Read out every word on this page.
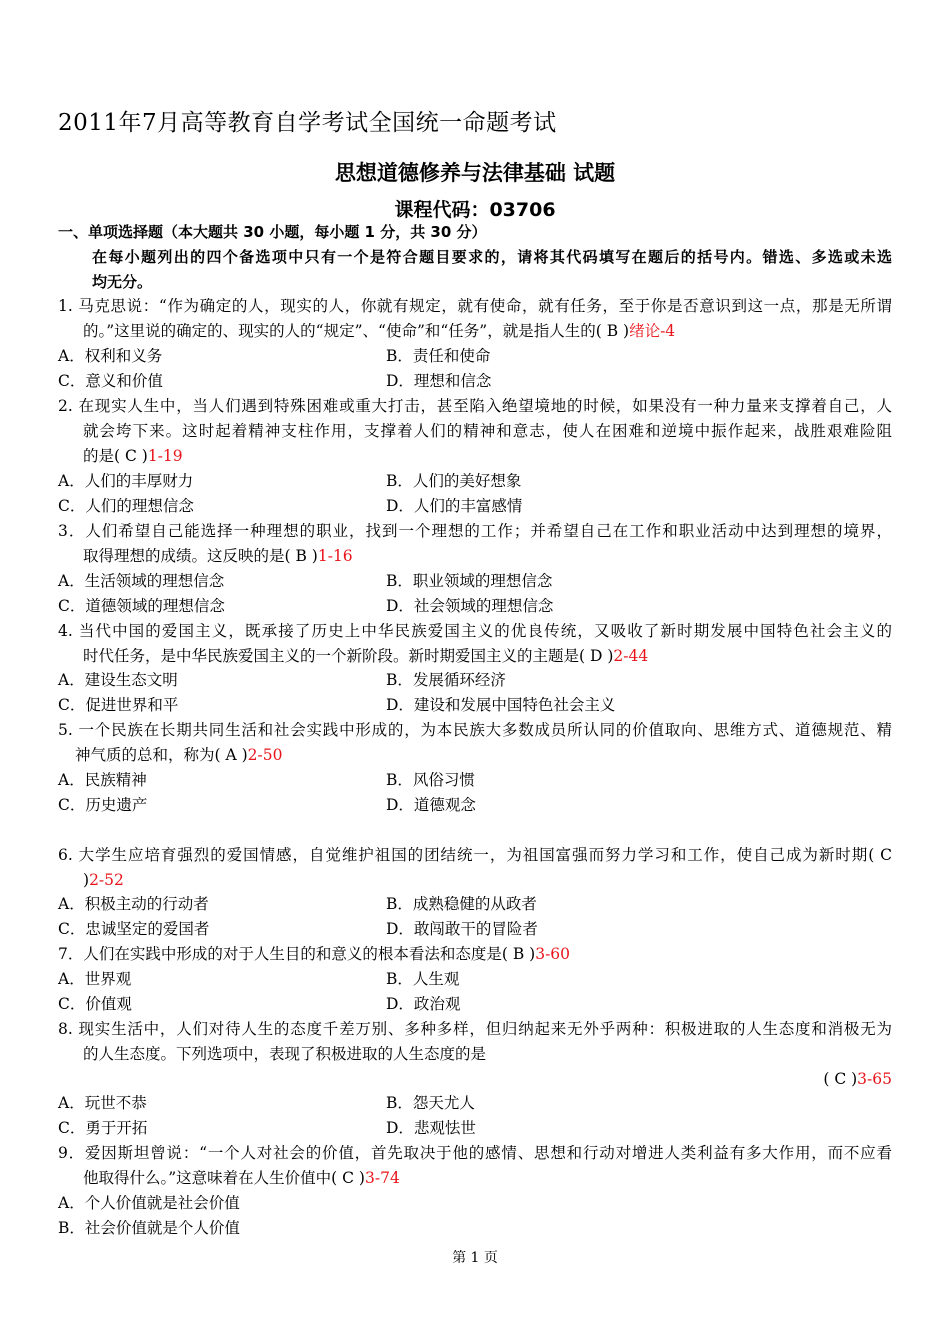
2011年7月高等教育自学考试全国统一命题考试
思想道德修养与法律基础 试题
课程代码：03706
一、单项选择题（本大题共 30 小题，每小题 1 分，共 30 分）
在每小题列出的四个备选项中只有一个是符合题目要求的，请将其代码填写在题后的括号内。错选、多选或未选
均无分。
1. 马克思说：“作为确定的人，现实的人，你就有规定，就有使命，就有任务，至于你是否意识到这一点，那是无所谓
的。”这里说的确定的、现实的人的“规定”、“使命”和“任务”，就是指人生的( B )绪论-4
A．权利和义务	B．责任和使命
C．意义和价值	D．理想和信念
2. 在现实人生中，当人们遇到特殊困难或重大打击，甚至陷入绝望境地的时候，如果没有一种力量来支撑着自己，人
就会垮下来。这时起着精神支柱作用，支撑着人们的精神和意志，使人在困难和逆境中振作起来，战胜艰难险阻
的是( C )1-19
A．人们的丰厚财力	B．人们的美好想象
C．人们的理想信念	D．人们的丰富感情
3．人们希望自己能选择一种理想的职业，找到一个理想的工作；并希望自己在工作和职业活动中达到理想的境界，
取得理想的成绩。这反映的是( B )1-16
A．生活领域的理想信念	B．职业领域的理想信念
C．道德领域的理想信念	D．社会领域的理想信念
4. 当代中国的爱国主义，既承接了历史上中华民族爱国主义的优良传统，又吸收了新时期发展中国特色社会主义的
时代任务，是中华民族爱国主义的一个新阶段。新时期爱国主义的主题是( D )2-44
A．建设生态文明	B．发展循环经济
C．促进世界和平	D．建设和发展中国特色社会主义
5. 一个民族在长期共同生活和社会实践中形成的，为本民族大多数成员所认同的价值取向、思维方式、道德规范、精
神气质的总和，称为( A )2-50
A．民族精神	B．风俗习惯
C．历史遗产	D．道德观念
6. 大学生应培育强烈的爱国情感，自觉维护祖国的团结统一，为祖国富强而努力学习和工作，使自己成为新时期( C
)2-52
A．积极主动的行动者	B．成熟稳健的从政者
C．忠诚坚定的爱国者	D．敢闯敢干的冒险者
7．人们在实践中形成的对于人生目的和意义的根本看法和态度是( B )3-60
A．世界观	B．人生观
C．价值观	D．政治观
8. 现实生活中，人们对待人生的态度千差万别、多种多样，但归纳起来无外乎两种：积极进取的人生态度和消极无为
的人生态度。下列选项中，表现了积极进取的人生态度的是
( C )3-65
A．玩世不恭	B．怨天尤人
C．勇于开拓	D．悲观怯世
9．爱因斯坦曾说：“一个人对社会的价值，首先取决于他的感情、思想和行动对增进人类利益有多大作用，而不应看
他取得什么。”这意味着在人生价值中( C )3-74
A．个人价值就是社会价值
B．社会价值就是个人价值
第 1 页
